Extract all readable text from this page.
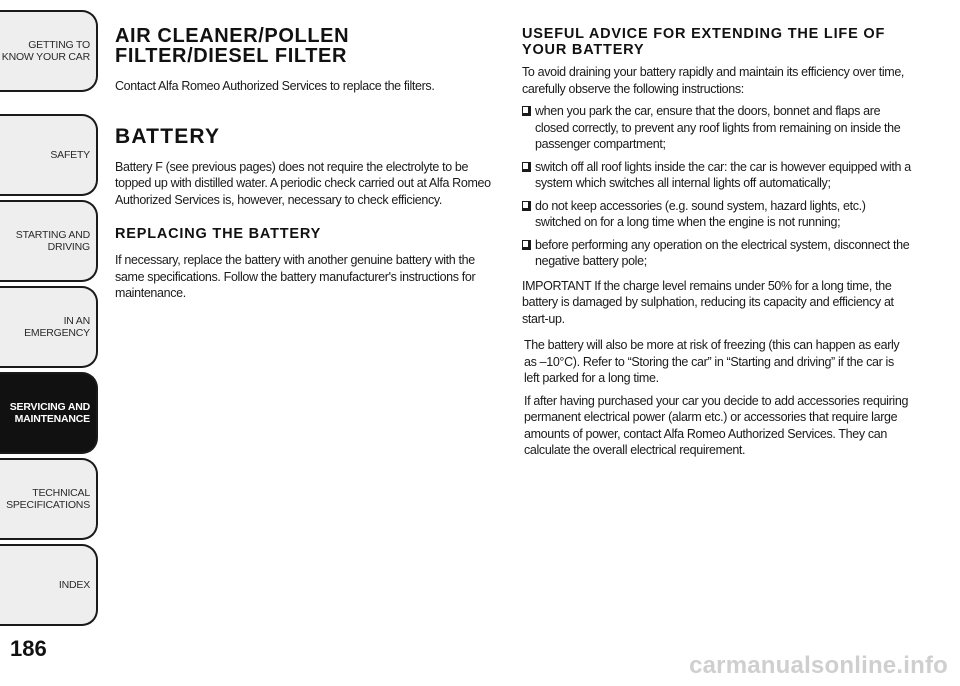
GETTING TO KNOW YOUR CAR
SAFETY
STARTING AND DRIVING
IN AN EMERGENCY
SERVICING AND MAINTENANCE
TECHNICAL SPECIFICATIONS
INDEX
186
AIR CLEANER/POLLEN FILTER/DIESEL FILTER

Contact Alfa Romeo Authorized Services to replace the filters.

BATTERY

Battery F (see previous pages) does not require the electrolyte to be topped up with distilled water. A periodic check carried out at Alfa Romeo Authorized Services is, however, necessary to check efficiency.

REPLACING THE BATTERY

If necessary, replace the battery with another genuine battery with the same specifications. Follow the battery manufacturer's instructions for maintenance.

USEFUL ADVICE FOR EXTENDING THE LIFE OF YOUR BATTERY

To avoid draining your battery rapidly and maintain its efficiency over time, carefully observe the following instructions:

when you park the car, ensure that the doors, bonnet and flaps are closed correctly, to prevent any roof lights from remaining on inside the passenger compartment;
switch off all roof lights inside the car: the car is however equipped with a system which switches all internal lights off automatically;
do not keep accessories (e.g. sound system, hazard lights, etc.) switched on for a long time when the engine is not running;
before performing any operation on the electrical system, disconnect the negative battery pole;

IMPORTANT If the charge level remains under 50% for a long time, the battery is damaged by sulphation, reducing its capacity and efficiency at start-up.

The battery will also be more at risk of freezing (this can happen as early as –10°C). Refer to “Storing the car” in “Starting and driving” if the car is left parked for a long time.

If after having purchased your car you decide to add accessories requiring permanent electrical power (alarm etc.) or accessories that require large amounts of power, contact Alfa Romeo Authorized Services. They can calculate the overall electrical requirement.

carmanualsonline.info
